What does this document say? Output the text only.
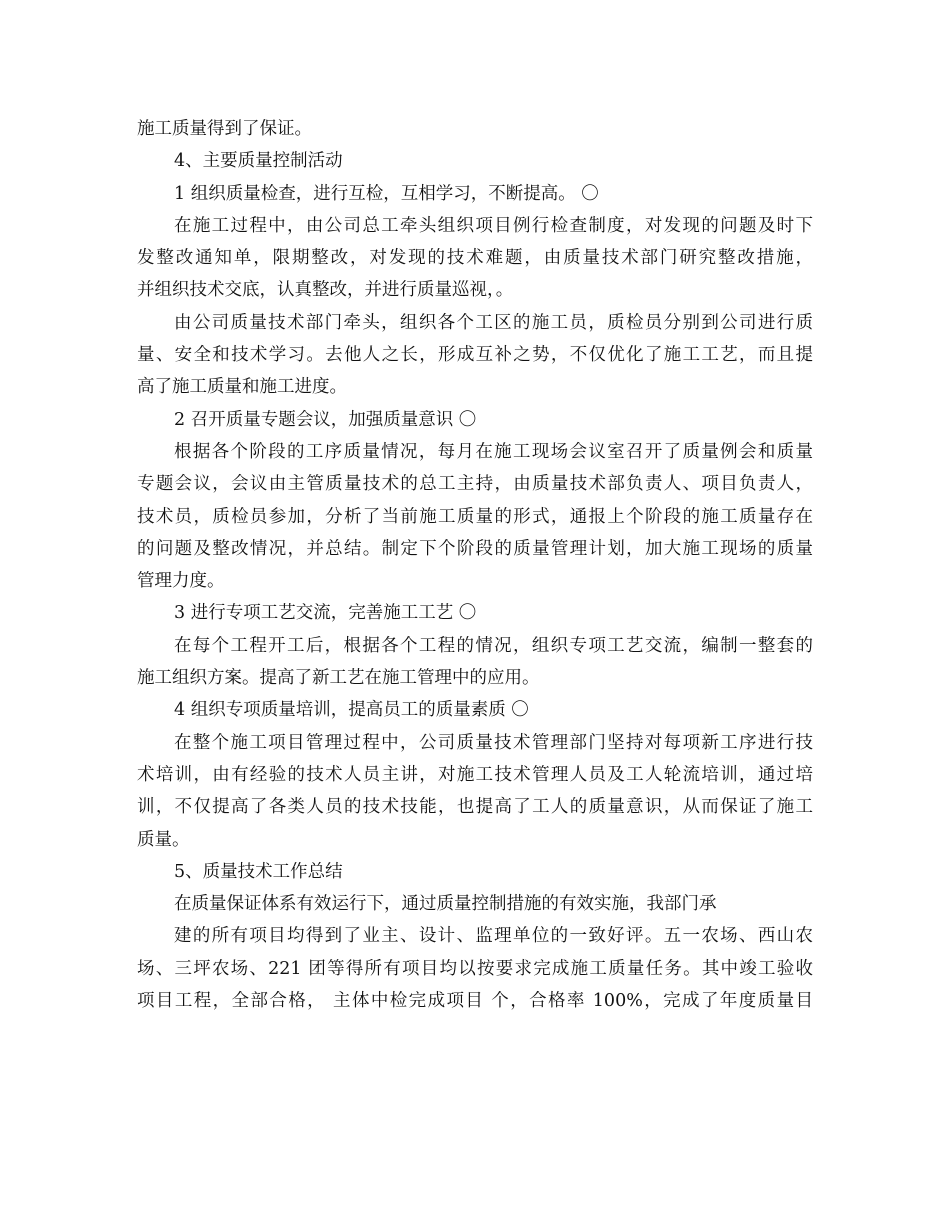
施工质量得到了保证。
4、主要质量控制活动
1 组织质量检查，进行互检，互相学习，不断提高。 〇
在施工过程中，由公司总工牵头组织项目例行检查制度，对发现的问题及时下
发整改通知单，限期整改，对发现的技术难题，由质量技术部门研究整改措施，
并组织技术交底，认真整改，并进行质量巡视，。
由公司质量技术部门牵头，组织各个工区的施工员，质检员分别到公司进行质
量、安全和技术学习。去他人之长，形成互补之势，不仅优化了施工工艺，而且提
高了施工质量和施工进度。
2 召开质量专题会议，加强质量意识 〇
根据各个阶段的工序质量情况，每月在施工现场会议室召开了质量例会和质量
专题会议，会议由主管质量技术的总工主持，由质量技术部负责人、项目负责人，
技术员，质检员参加，分析了当前施工质量的形式，通报上个阶段的施工质量存在
的问题及整改情况，并总结。制定下个阶段的质量管理计划，加大施工现场的质量
管理力度。
3 进行专项工艺交流，完善施工工艺 〇
在每个工程开工后，根据各个工程的情况，组织专项工艺交流，编制一整套的
施工组织方案。提高了新工艺在施工管理中的应用。
4 组织专项质量培训，提高员工的质量素质 〇
在整个施工项目管理过程中，公司质量技术管理部门坚持对每项新工序进行技
术培训，由有经验的技术人员主讲，对施工技术管理人员及工人轮流培训，通过培
训，不仅提高了各类人员的技术技能，也提高了工人的质量意识，从而保证了施工
质量。
5、质量技术工作总结
在质量保证体系有效运行下，通过质量控制措施的有效实施，我部门承
建的所有项目均得到了业主、设计、监理单位的一致好评。五一农场、西山农
场、三坪农场、221 团等得所有项目均以按要求完成施工质量任务。其中竣工验收
项目工程，全部合格， 主体中检完成项目 个，合格率 100%，完成了年度质量目
